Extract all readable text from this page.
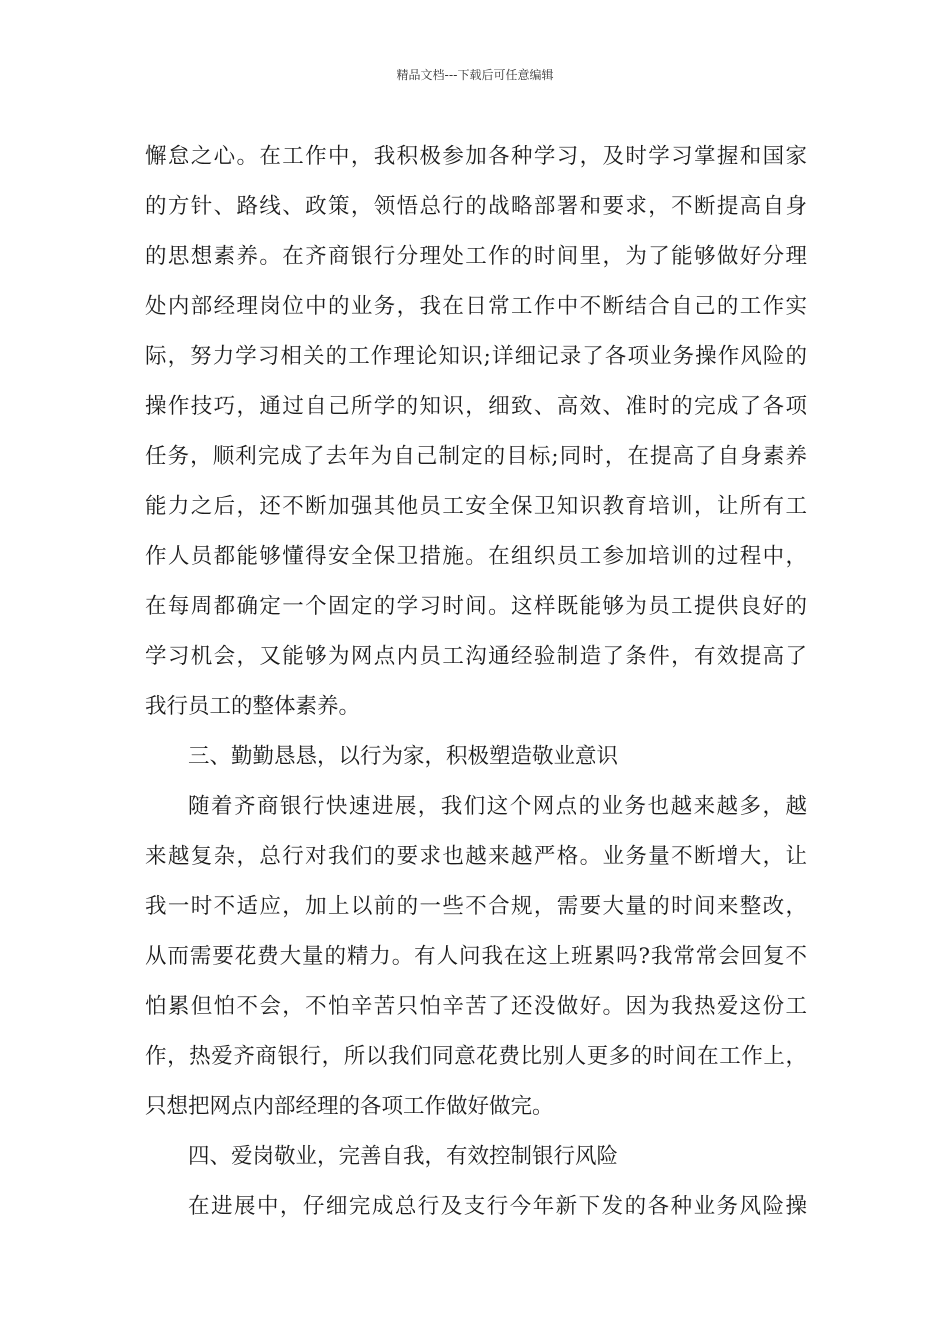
精品文档---下载后可任意编辑
懈怠之心。在工作中，我积极参加各种学习，及时学习掌握和国家
的方针、路线、政策，领悟总行的战略部署和要求，不断提高自身
的思想素养。在齐商银行分理处工作的时间里，为了能够做好分理
处内部经理岗位中的业务，我在日常工作中不断结合自己的工作实
际，努力学习相关的工作理论知识;详细记录了各项业务操作风险的
操作技巧，通过自己所学的知识，细致、高效、准时的完成了各项
任务，顺利完成了去年为自己制定的目标;同时，在提高了自身素养
能力之后，还不断加强其他员工安全保卫知识教育培训，让所有工
作人员都能够懂得安全保卫措施。在组织员工参加培训的过程中，
在每周都确定一个固定的学习时间。这样既能够为员工提供良好的
学习机会，又能够为网点内员工沟通经验制造了条件，有效提高了
我行员工的整体素养。
三、勤勤恳恳，以行为家，积极塑造敬业意识
随着齐商银行快速进展，我们这个网点的业务也越来越多，越
来越复杂，总行对我们的要求也越来越严格。业务量不断增大，让
我一时不适应，加上以前的一些不合规，需要大量的时间来整改，
从而需要花费大量的精力。有人问我在这上班累吗?我常常会回复不
怕累但怕不会，不怕辛苦只怕辛苦了还没做好。因为我热爱这份工
作，热爱齐商银行，所以我们同意花费比别人更多的时间在工作上，
只想把网点内部经理的各项工作做好做完。
四、爱岗敬业，完善自我，有效控制银行风险
在进展中，仔细完成总行及支行今年新下发的各种业务风险操
